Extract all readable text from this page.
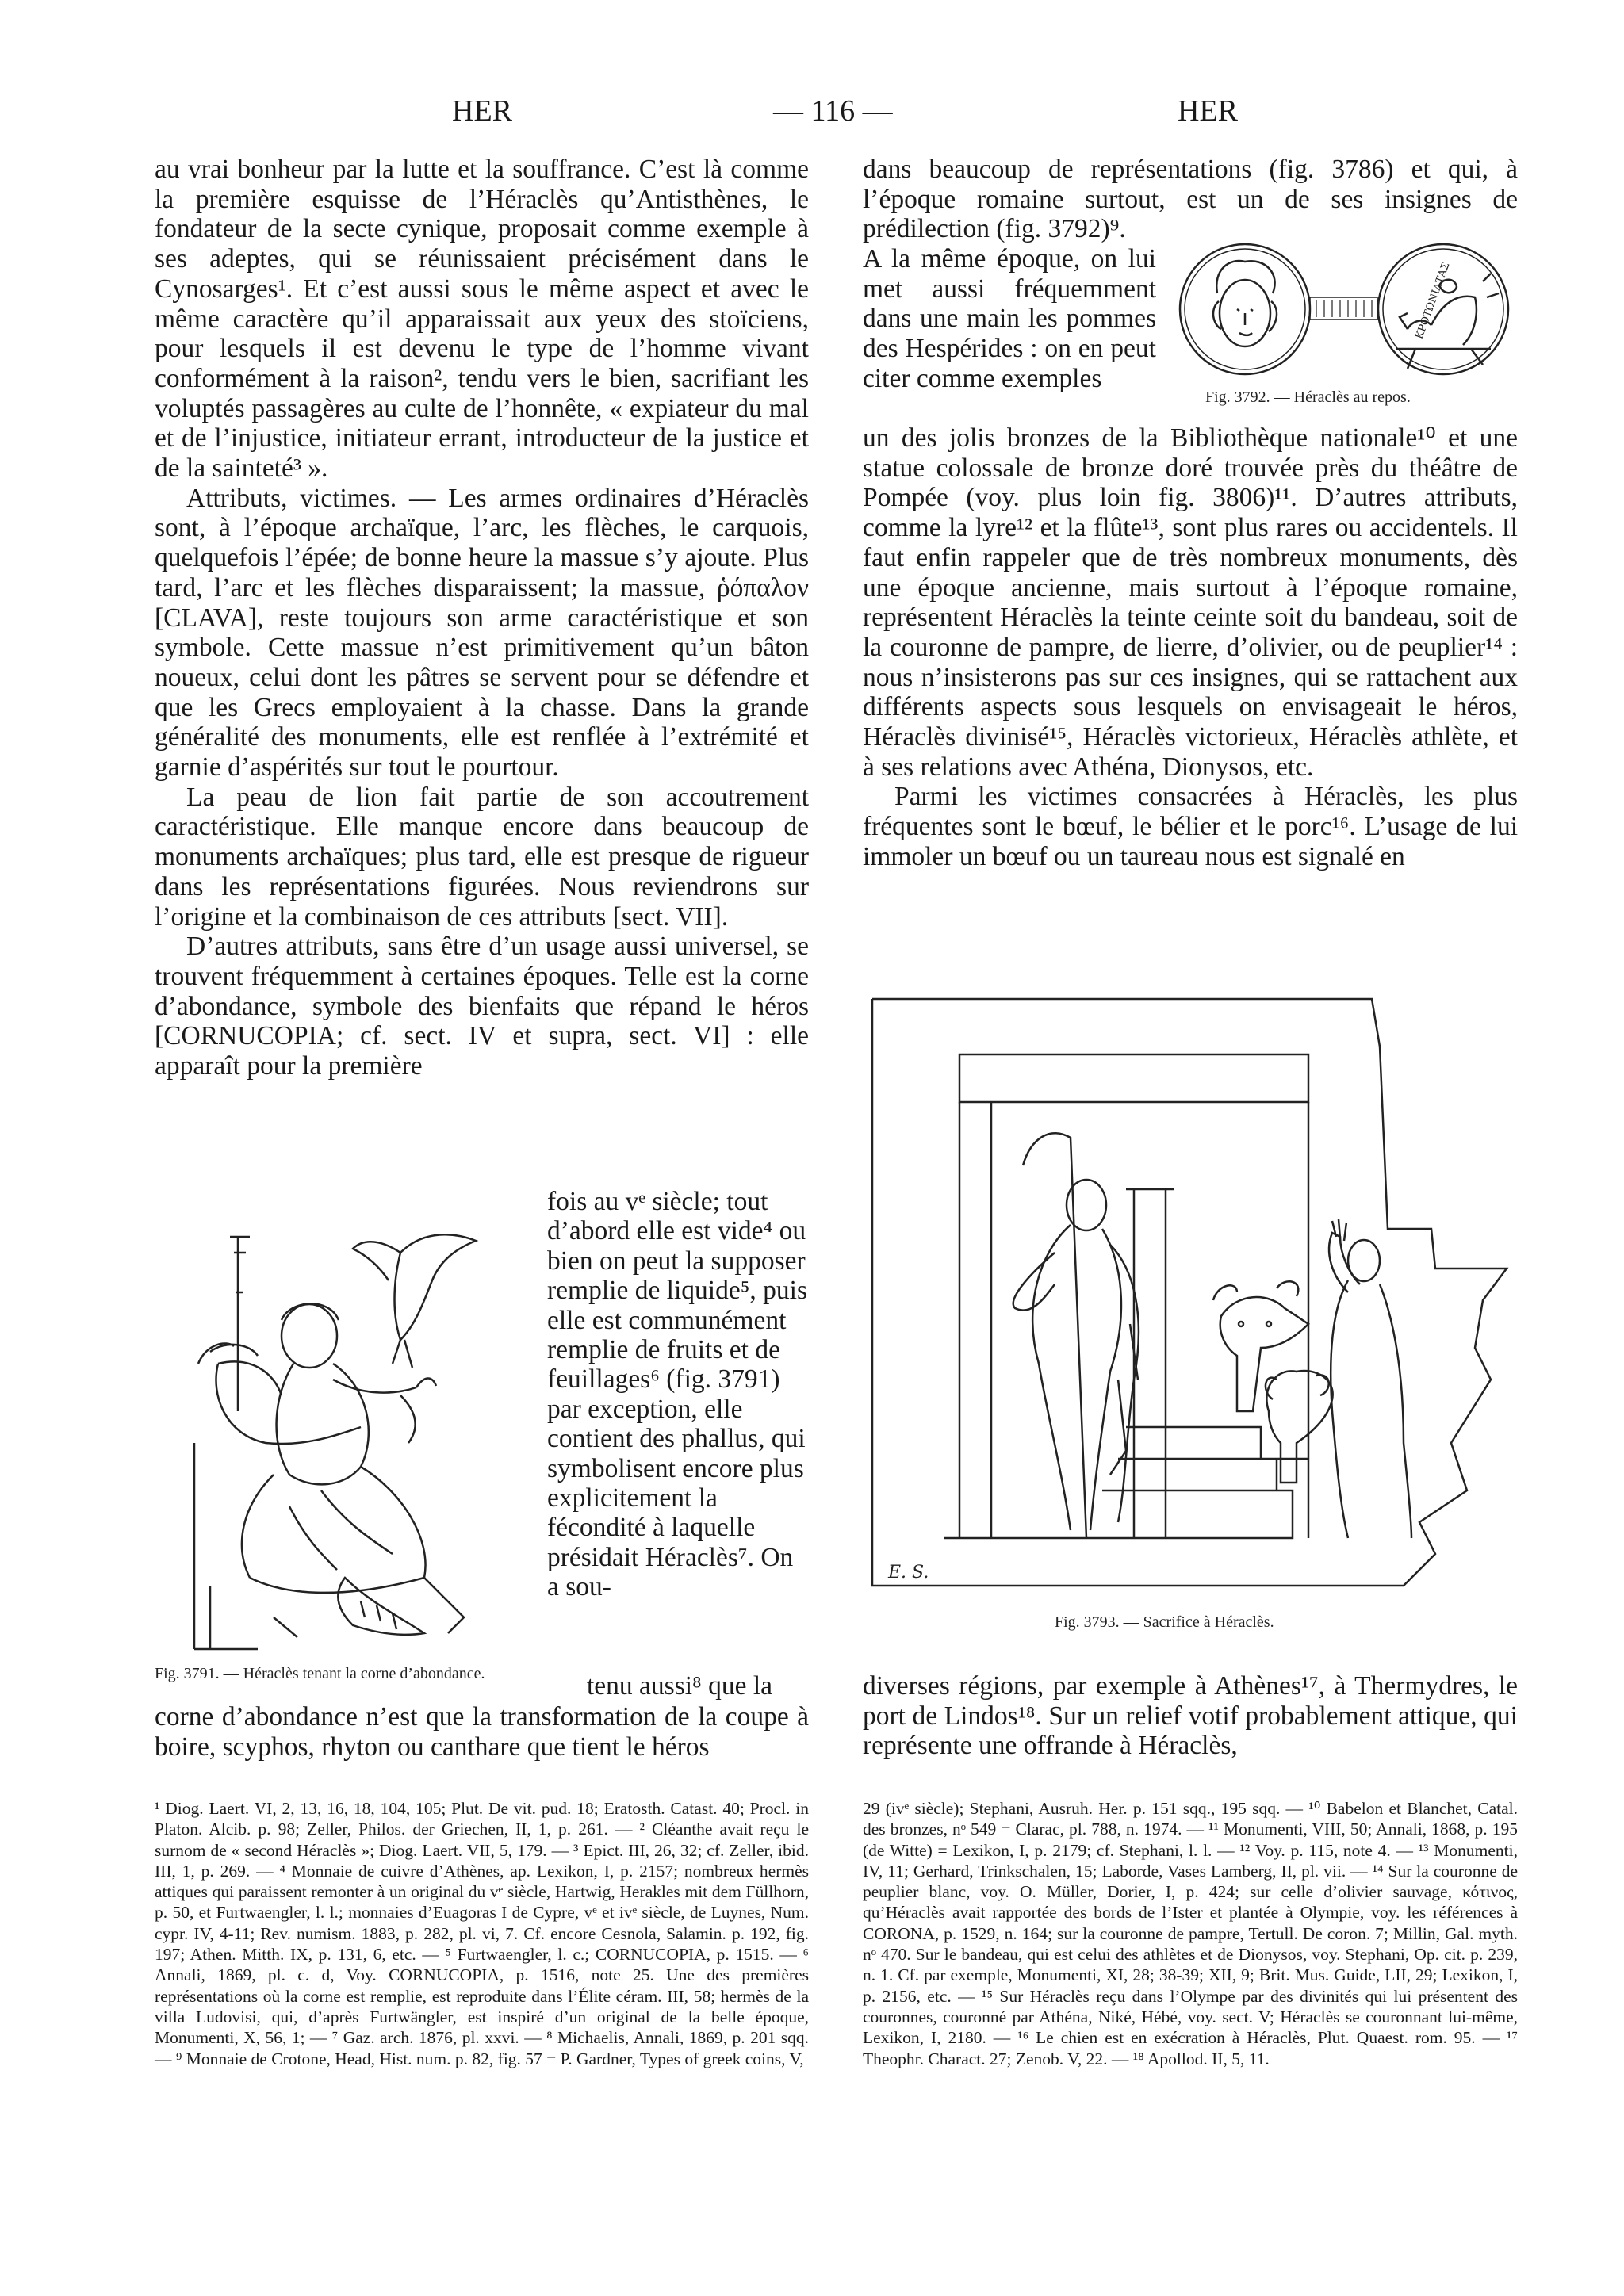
HER	— 116 —	HER

au vrai bonheur par la lutte et la souffrance. C’est là comme la première esquisse de l’Héraclès qu’Antisthènes, le fondateur de la secte cynique, proposait comme exemple à ses adeptes, qui se réunissaient précisément dans le Cynosarges¹. Et c’est aussi sous le même aspect et avec le même caractère qu’il apparaissait aux yeux des stoïciens, pour lesquels il est devenu le type de l’homme vivant conformément à la raison², tendu vers le bien, sacrifiant les voluptés passagères au culte de l’honnête, « expiateur du mal et de l’injustice, initiateur errant, introducteur de la justice et de la sainteté³ ».

Attributs, victimes. — Les armes ordinaires d’Héraclès sont, à l’époque archaïque, l’arc, les flèches, le carquois, quelquefois l’épée; de bonne heure la massue s’y ajoute. Plus tard, l’arc et les flèches disparaissent; la massue, ῥόπαλον [CLAVA], reste toujours son arme caractéristique et son symbole. Cette massue n’est primitivement qu’un bâton noueux, celui dont les pâtres se servent pour se défendre et que les Grecs employaient à la chasse. Dans la grande généralité des monuments, elle est renflée à l’extrémité et garnie d’aspérités sur tout le pourtour.

La peau de lion fait partie de son accoutrement caractéristique. Elle manque encore dans beaucoup de monuments archaïques; plus tard, elle est presque de rigueur dans les représentations figurées. Nous reviendrons sur l’origine et la combinaison de ces attributs [sect. VII].

D’autres attributs, sans être d’un usage aussi universel, se trouvent fréquemment à certaines époques. Telle est la corne d’abondance, symbole des bienfaits que répand le héros [CORNUCOPIA; cf. sect. IV et supra, sect. VI] : elle apparaît pour la première

fois au vᵉ siècle; tout d’abord elle est vide⁴ ou bien on peut la supposer remplie de liquide⁵, puis elle est communément remplie de fruits et de feuillages⁶ (fig. 3791) par exception, elle contient des phallus, qui symbolisent encore plus explicitement la fécondité à laquelle présidait Héraclès⁷. On a sou-

tenu aussi⁸ que la

corne d’abondance n’est que la transformation de la coupe à boire, scyphos, rhyton ou canthare que tient le héros

Fig. 3791. — Héraclès tenant la corne d’abondance.

dans beaucoup de représentations (fig. 3786) et qui, à l’époque romaine surtout, est un de ses insignes de prédilection (fig. 3792)⁹.

A la même époque, on lui met aussi fréquemment dans une main les pommes des Hespérides : on en peut citer comme exemples

ΚΡΟΤΩΝΙΑΤΑΣ
Fig. 3792. — Héraclès au repos.

un des jolis bronzes de la Bibliothèque nationale¹⁰ et une statue colossale de bronze doré trouvée près du théâtre de Pompée (voy. plus loin fig. 3806)¹¹. D’autres attributs, comme la lyre¹² et la flûte¹³, sont plus rares ou accidentels. Il faut enfin rappeler que de très nombreux monuments, dès une époque ancienne, mais surtout à l’époque romaine, représentent Héraclès la teinte ceinte soit du bandeau, soit de la couronne de pampre, de lierre, d’olivier, ou de peuplier¹⁴ : nous n’insisterons pas sur ces insignes, qui se rattachent aux différents aspects sous lesquels on envisageait le héros, Héraclès divinisé¹⁵, Héraclès victorieux, Héraclès athlète, et à ses relations avec Athéna, Dionysos, etc.

Parmi les victimes consacrées à Héraclès, les plus fréquentes sont le bœuf, le bélier et le porc¹⁶. L’usage de lui immoler un bœuf ou un taureau nous est signalé en

E. S.
Fig. 3793. — Sacrifice à Héraclès.

diverses régions, par exemple à Athènes¹⁷, à Thermydres, le port de Lindos¹⁸. Sur un relief votif probablement attique, qui représente une offrande à Héraclès,

¹ Diog. Laert. VI, 2, 13, 16, 18, 104, 105; Plut. De vit. pud. 18; Eratosth. Catast. 40; Procl. in Platon. Alcib. p. 98; Zeller, Philos. der Griechen, II, 1, p. 261. — ² Cléanthe avait reçu le surnom de « second Héraclès »; Diog. Laert. VII, 5, 179. — ³ Epict. III, 26, 32; cf. Zeller, ibid. III, 1, p. 269. — ⁴ Monnaie de cuivre d’Athènes, ap. Lexikon, I, p. 2157; nombreux hermès attiques qui paraissent remonter à un original du vᵉ siècle, Hartwig, Herakles mit dem Füllhorn, p. 50, et Furtwaengler, l. l.; monnaies d’Euagoras I de Cypre, vᵉ et ivᵉ siècle, de Luynes, Num. cypr. IV, 4-11; Rev. numism. 1883, p. 282, pl. vi, 7. Cf. encore Cesnola, Salamin. p. 192, fig. 197; Athen. Mitth. IX, p. 131, 6, etc. — ⁵ Furtwaengler, l. c.; CORNUCOPIA, p. 1515. — ⁶ Annali, 1869, pl. c. d, Voy. CORNUCOPIA, p. 1516, note 25. Une des premières représentations où la corne est remplie, est reproduite dans l’Élite céram. III, 58; hermès de la villa Ludovisi, qui, d’après Furtwängler, est inspiré d’un original de la belle époque, Monumenti, X, 56, 1; — ⁷ Gaz. arch. 1876, pl. xxvi. — ⁸ Michaelis, Annali, 1869, p. 201 sqq. — ⁹ Monnaie de Crotone, Head, Hist. num. p. 82, fig. 57 = P. Gardner, Types of greek coins, V,
29 (ivᵉ siècle); Stephani, Ausruh. Her. p. 151 sqq., 195 sqq. — ¹⁰ Babelon et Blanchet, Catal. des bronzes, nᵒ 549 = Clarac, pl. 788, n. 1974. — ¹¹ Monumenti, VIII, 50; Annali, 1868, p. 195 (de Witte) = Lexikon, I, p. 2179; cf. Stephani, l. l. — ¹² Voy. p. 115, note 4. — ¹³ Monumenti, IV, 11; Gerhard, Trinkschalen, 15; Laborde, Vases Lamberg, II, pl. vii. — ¹⁴ Sur la couronne de peuplier blanc, voy. O. Müller, Dorier, I, p. 424; sur celle d’olivier sauvage, κότινος, qu’Héraclès avait rapportée des bords de l’Ister et plantée à Olympie, voy. les références à CORONA, p. 1529, n. 164; sur la couronne de pampre, Tertull. De coron. 7; Millin, Gal. myth. nᵒ 470. Sur le bandeau, qui est celui des athlètes et de Dionysos, voy. Stephani, Op. cit. p. 239, n. 1. Cf. par exemple, Monumenti, XI, 28; 38-39; XII, 9; Brit. Mus. Guide, LII, 29; Lexikon, I, p. 2156, etc. — ¹⁵ Sur Héraclès reçu dans l’Olympe par des divinités qui lui présentent des couronnes, couronné par Athéna, Niké, Hébé, voy. sect. V; Héraclès se couronnant lui-même, Lexikon, I, 2180. — ¹⁶ Le chien est en exécration à Héraclès, Plut. Quaest. rom. 95. — ¹⁷ Theophr. Charact. 27; Zenob. V, 22. — ¹⁸ Apollod. II, 5, 11.
